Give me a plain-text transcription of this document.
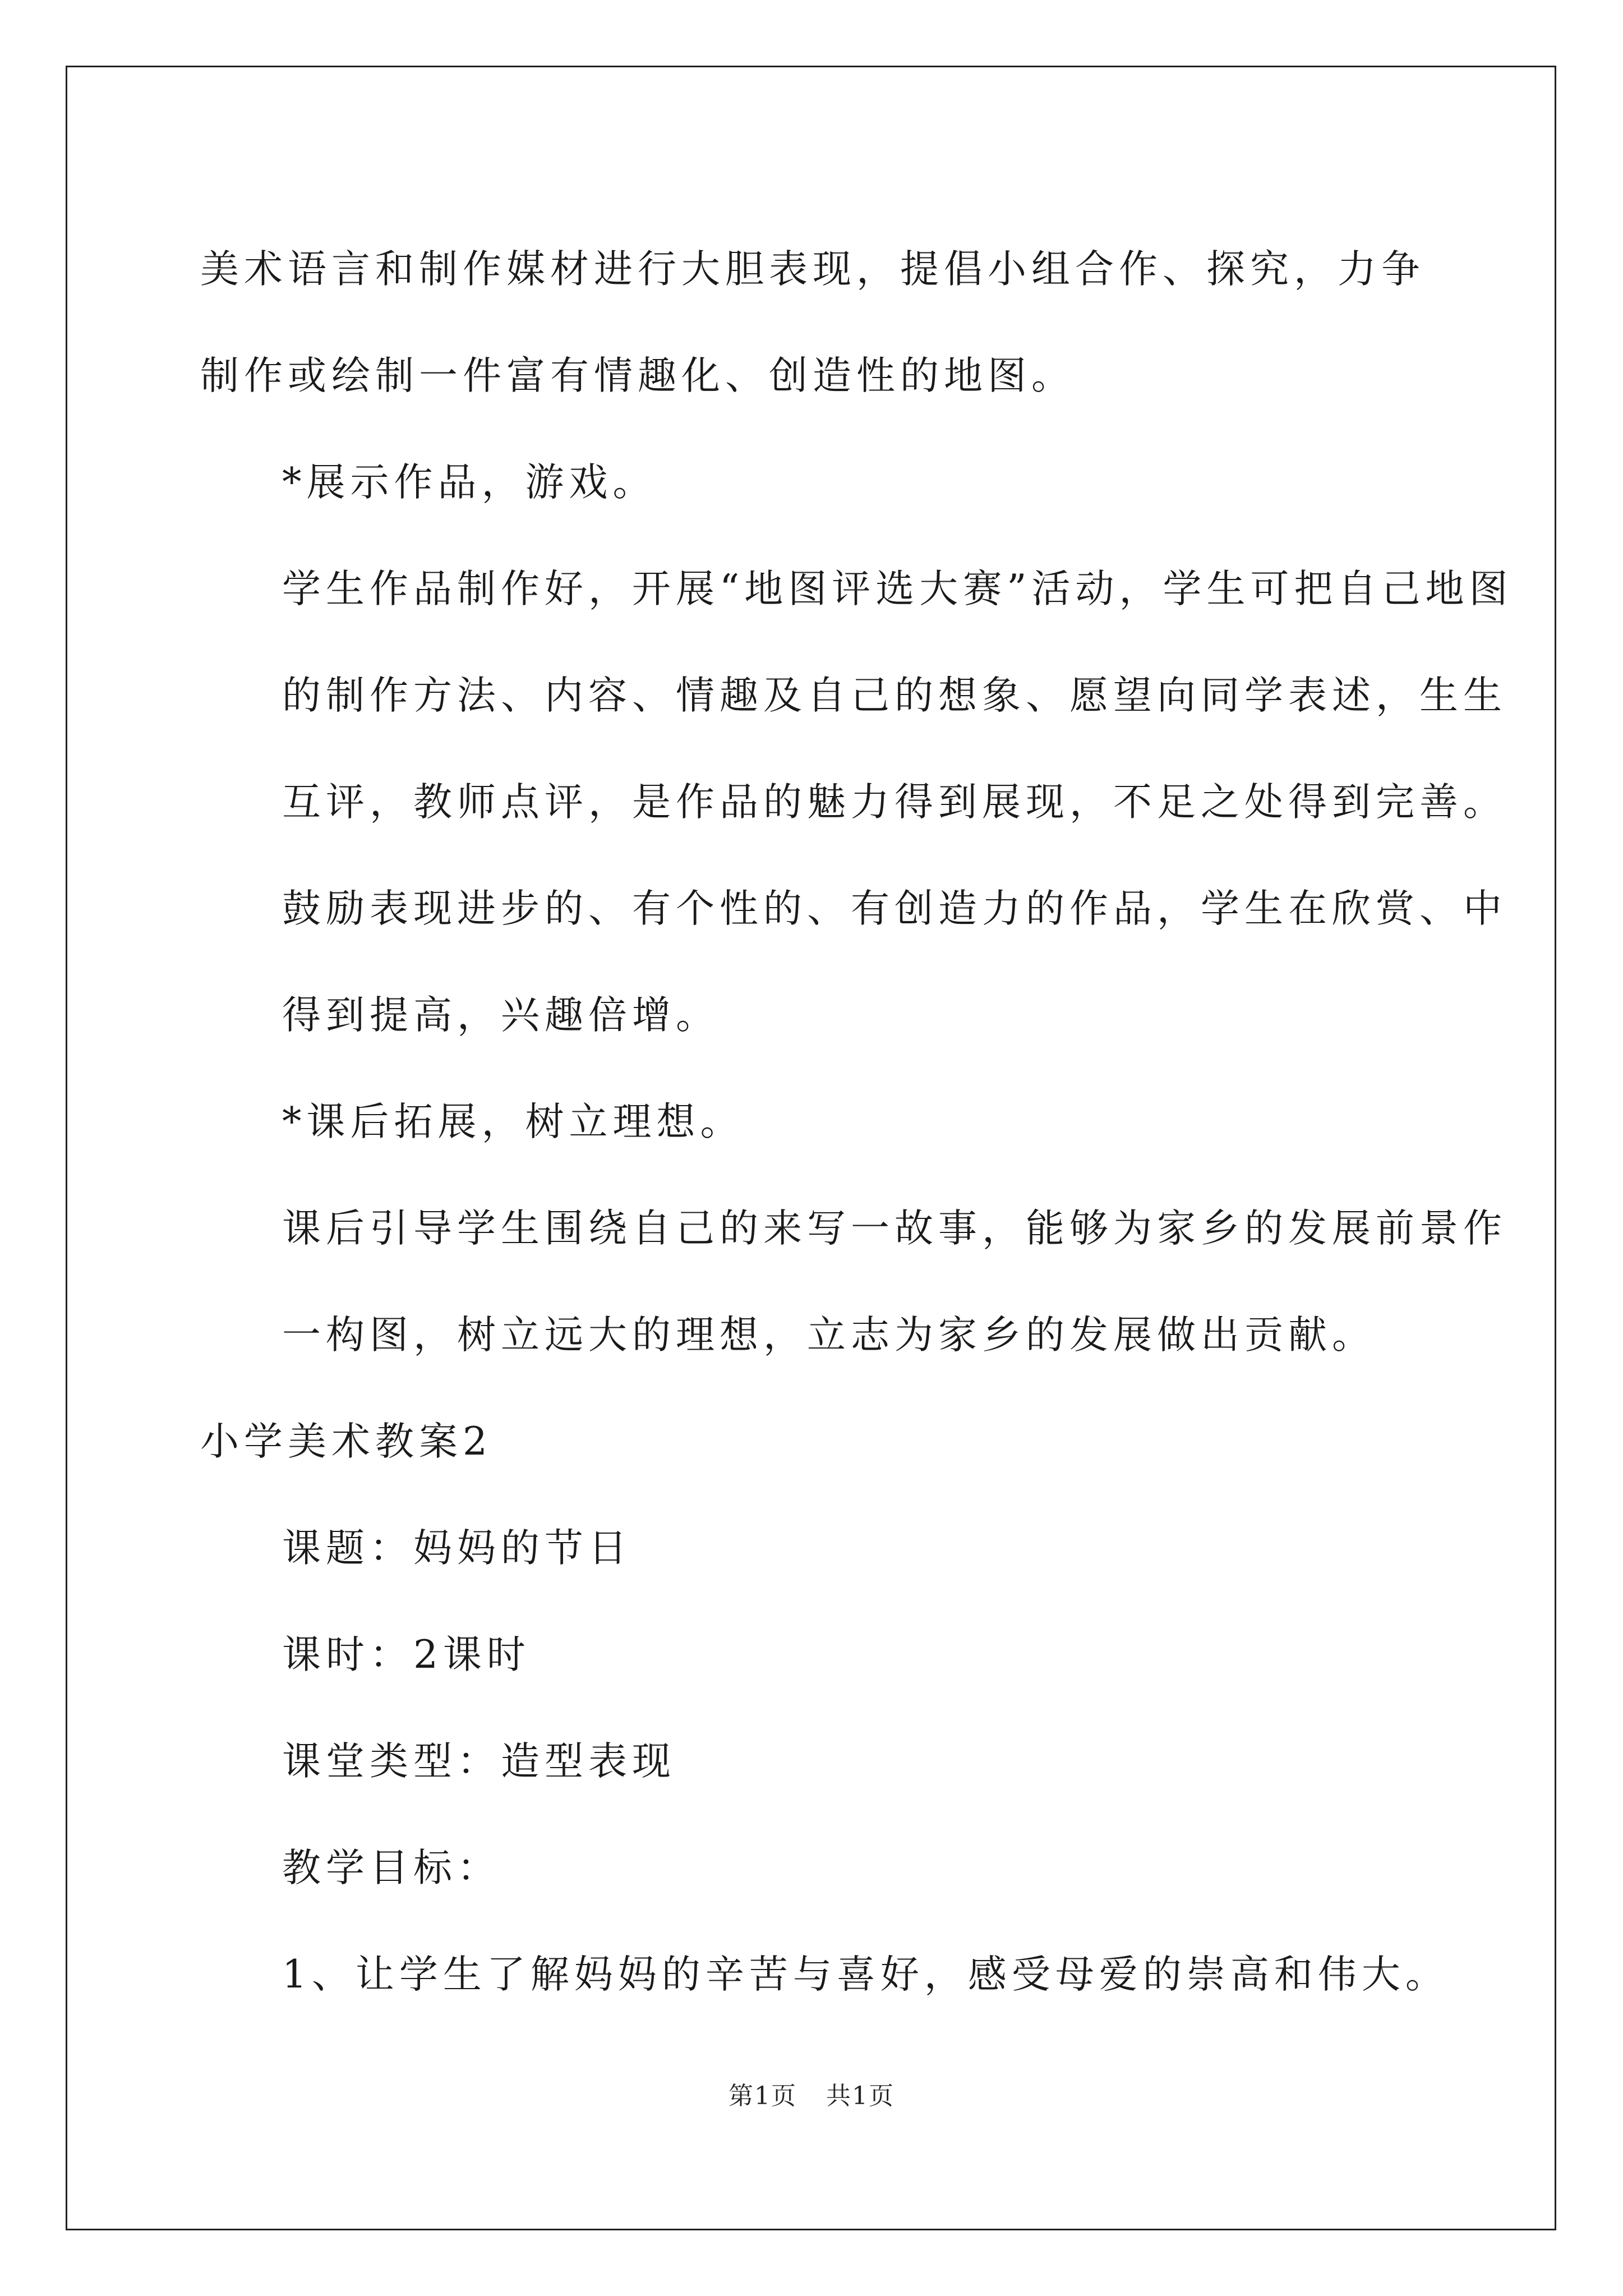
美术语言和制作媒材进行大胆表现，提倡小组合作、探究，力争制作或绘制一件富有情趣化、创造性的地图。

*展示作品，游戏。

学生作品制作好，开展“地图评选大赛”活动，学生可把自己地图的制作方法、内容、情趣及自己的想象、愿望向同学表述，生生互评，教师点评，是作品的魅力得到展现，不足之处得到完善。鼓励表现进步的、有个性的、有创造力的作品，学生在欣赏、中得到提高，兴趣倍增。

*课后拓展，树立理想。

课后引导学生围绕自己的来写一故事，能够为家乡的发展前景作一构图，树立远大的理想，立志为家乡的发展做出贡献。

小学美术教案2

课题：妈妈的节日

课时：2课时

课堂类型：造型表现

教学目标：

1、让学生了解妈妈的辛苦与喜好，感受母爱的崇高和伟大。

第1页 共1页
